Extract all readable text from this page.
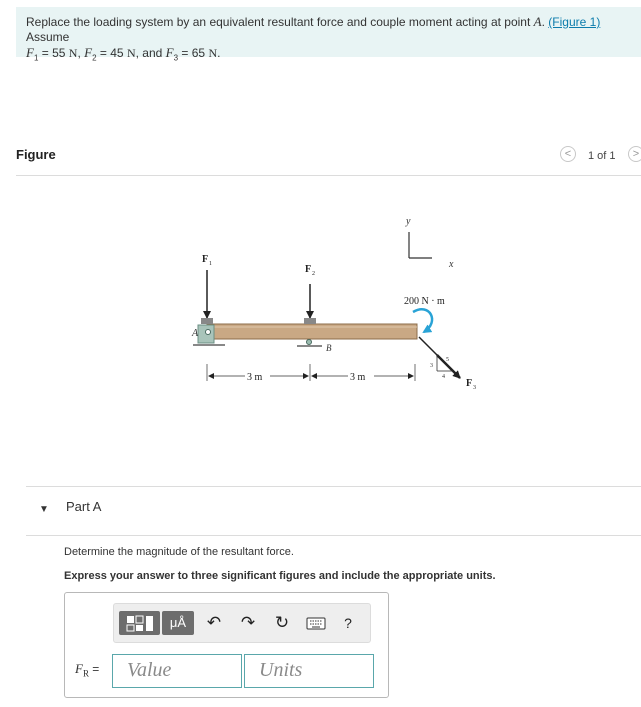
Replace the loading system by an equivalent resultant force and couple moment acting at point A. (Figure 1) Assume
$F_1 = 55$ N, $F_2 = 45$ N, and $F_3 = 65$ N.
Figure	<	1 of 1	>
y
x
A
B
F 1	F 2
200 N · m
5
3
4
F 3
3 m	3 m
▼ Part A
Determine the magnitude of the resultant force.
Express your answer to three significant figures and include the appropriate units.
μÅ	↶ ↷ ↻	?
$F_R$ =	Value	Units
